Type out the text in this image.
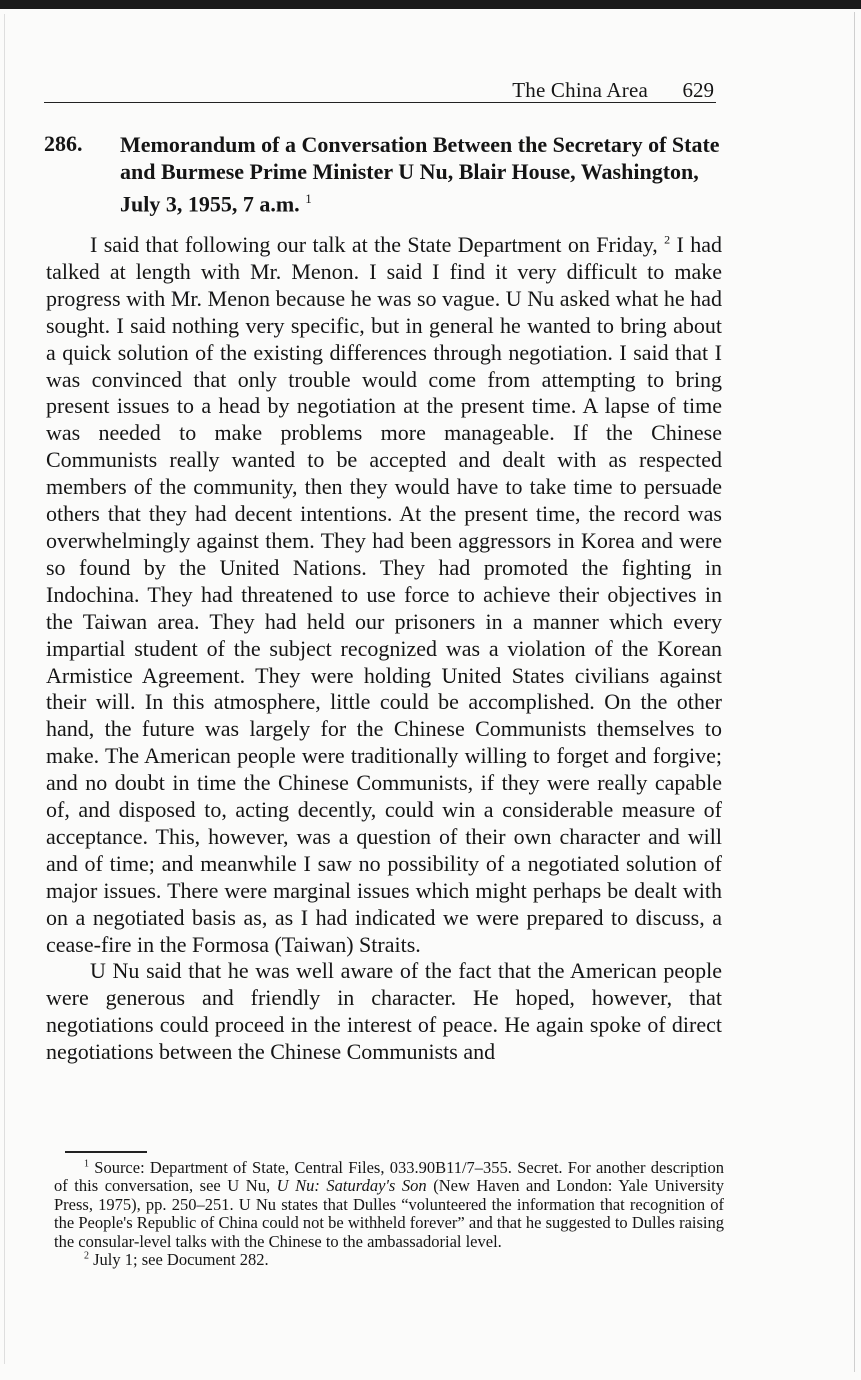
The China Area 629
286. Memorandum of a Conversation Between the Secretary of State and Burmese Prime Minister U Nu, Blair House, Washington, July 3, 1955, 7 a.m. $^1$

I said that following our talk at the State Department on Friday, $^2$ I had talked at length with Mr. Menon. I said I find it very difficult to make progress with Mr. Menon because he was so vague. U Nu asked what he had sought. I said nothing very specific, but in general he wanted to bring about a quick solution of the existing differences through negotiation. I said that I was convinced that only trouble would come from attempting to bring present issues to a head by negotiation at the present time. A lapse of time was needed to make problems more manageable. If the Chinese Communists really wanted to be accepted and dealt with as respected members of the community, then they would have to take time to persuade others that they had decent intentions. At the present time, the record was overwhelmingly against them. They had been aggressors in Korea and were so found by the United Nations. They had promoted the fighting in Indochina. They had threatened to use force to achieve their objectives in the Taiwan area. They had held our prisoners in a manner which every impartial student of the subject recognized was a violation of the Korean Armistice Agreement. They were holding United States civilians against their will. In this atmosphere, little could be accomplished. On the other hand, the future was largely for the Chinese Communists themselves to make. The American people were traditionally willing to forget and forgive; and no doubt in time the Chinese Communists, if they were really capable of, and disposed to, acting decently, could win a considerable measure of acceptance. This, however, was a question of their own character and will and of time; and meanwhile I saw no possibility of a negotiated solution of major issues. There were marginal issues which might perhaps be dealt with on a negotiated basis as, as I had indicated we were prepared to discuss, a cease-fire in the Formosa (Taiwan) Straits.

U Nu said that he was well aware of the fact that the American people were generous and friendly in character. He hoped, however, that negotiations could proceed in the interest of peace. He again spoke of direct negotiations between the Chinese Communists and

$^1$ Source: Department of State, Central Files, 033.90B11/7–355. Secret. For another description of this conversation, see U Nu, U Nu: Saturday's Son (New Haven and London: Yale University Press, 1975), pp. 250–251. U Nu states that Dulles “volunteered the information that recognition of the People's Republic of China could not be withheld forever” and that he suggested to Dulles raising the consular-level talks with the Chinese to the ambassadorial level.

$^2$ July 1; see Document 282.
